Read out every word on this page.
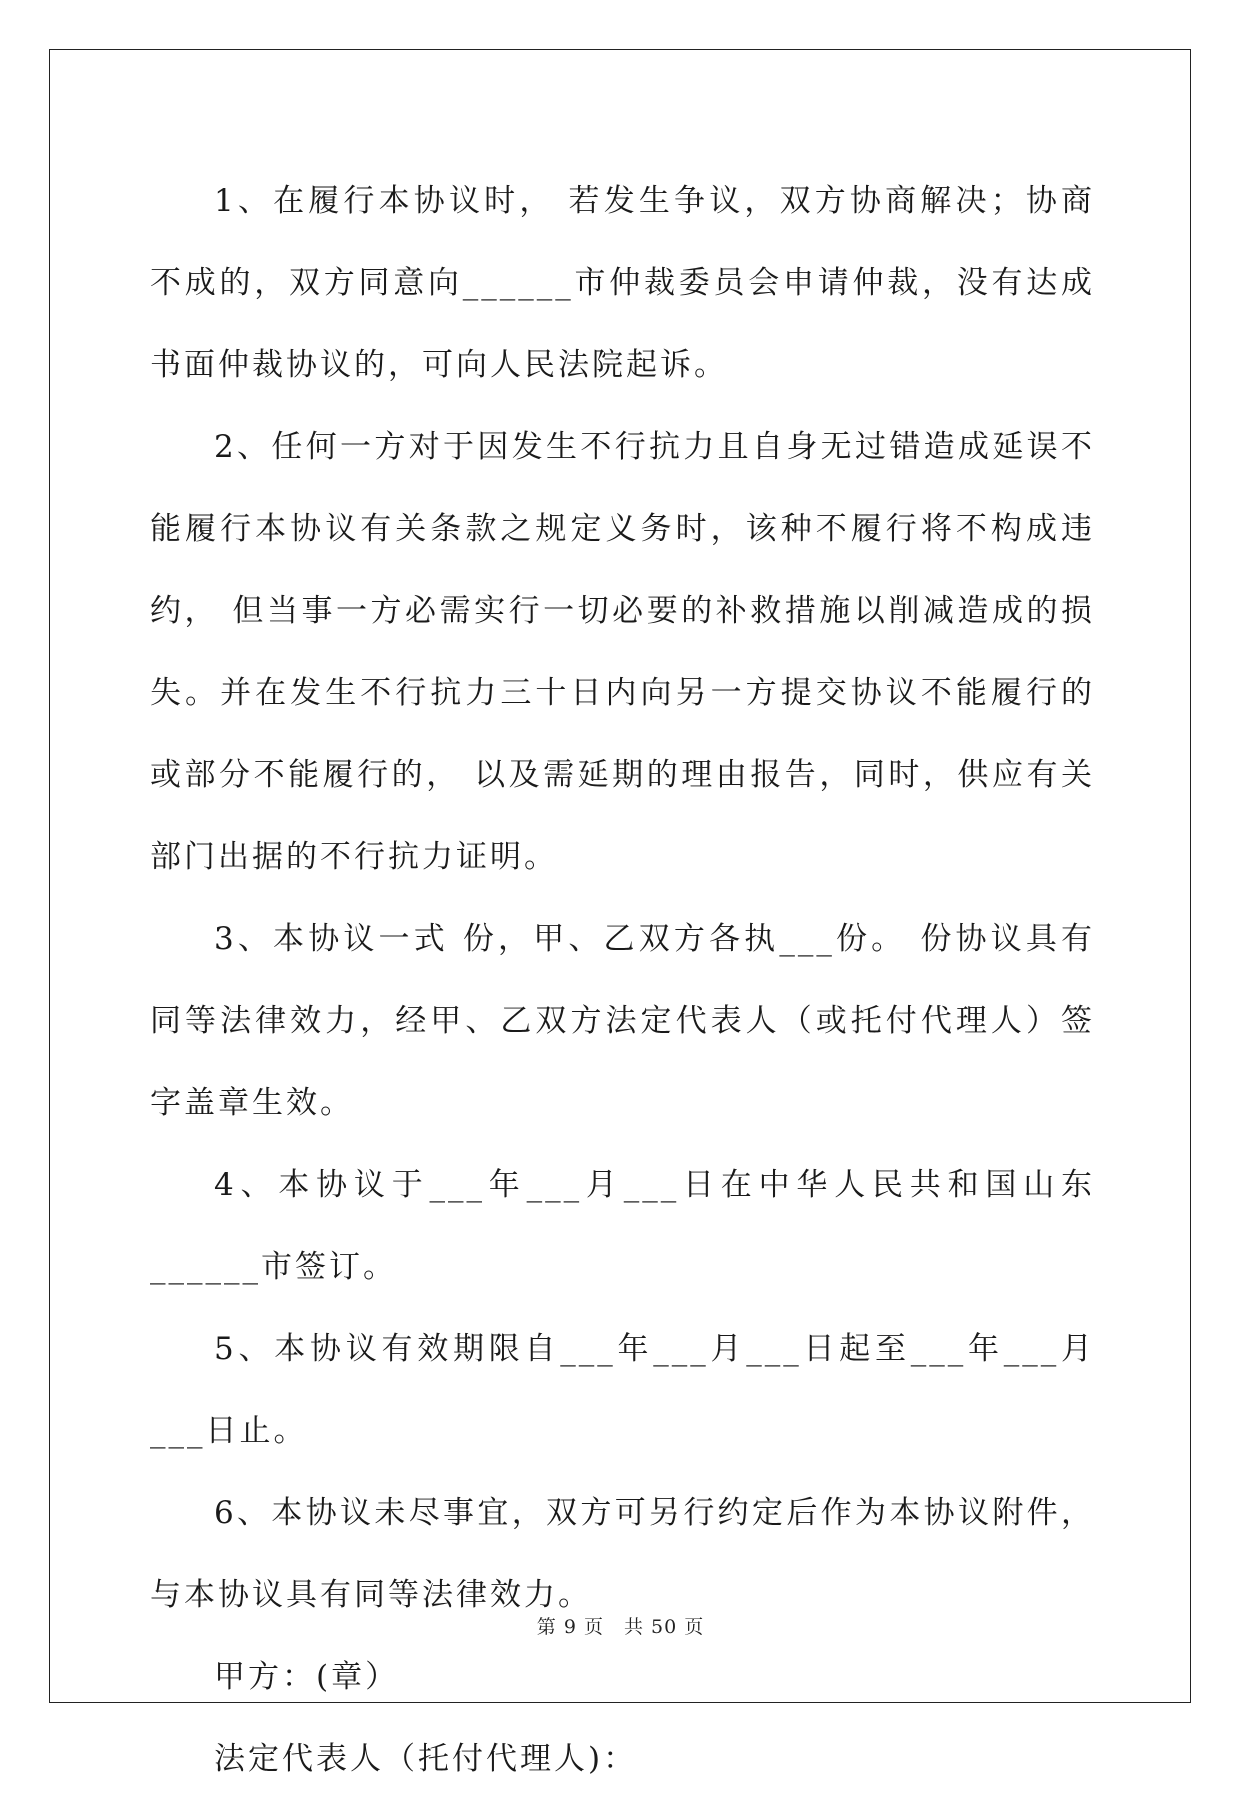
1、在履行本协议时， 若发生争议，双方协商解决；协商不成的，双方同意向______市仲裁委员会申请仲裁，没有达成书面仲裁协议的，可向人民法院起诉。

2、任何一方对于因发生不行抗力且自身无过错造成延误不能履行本协议有关条款之规定义务时，该种不履行将不构成违约， 但当事一方必需实行一切必要的补救措施以削减造成的损失。并在发生不行抗力三十日内向另一方提交协议不能履行的或部分不能履行的， 以及需延期的理由报告，同时，供应有关部门出据的不行抗力证明。

3、本协议一式 份，甲、乙双方各执___份。 份协议具有同等法律效力，经甲、乙双方法定代表人（或托付代理人）签字盖章生效。

4、本协议于___年___月___日在中华人民共和国山东______市签订。

5、本协议有效期限自___年___月___日起至___年___月___日止。

6、本协议未尽事宜，双方可另行约定后作为本协议附件，与本协议具有同等法律效力。

甲方：(章）

法定代表人（托付代理人)：

第 9 页　共 50 页
